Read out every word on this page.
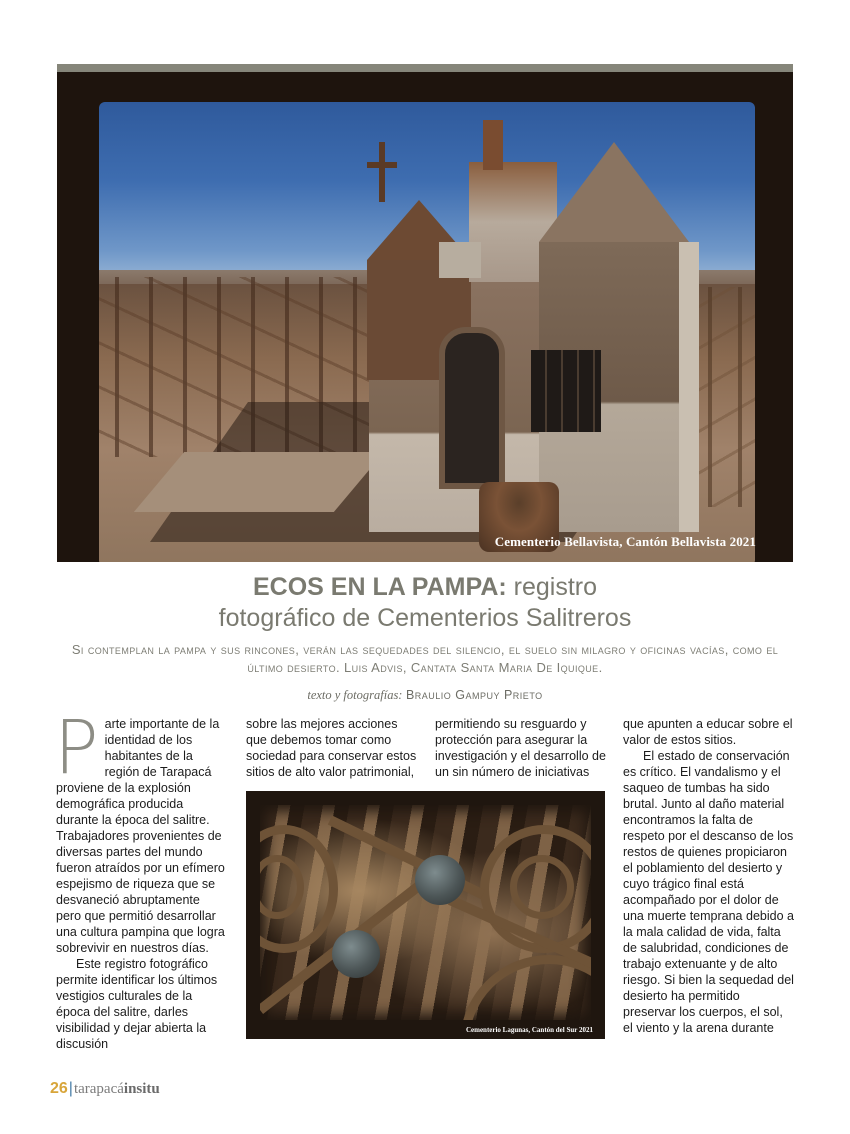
Cementerio Bellavista, Cantón Bellavista 2021
ECOS EN LA PAMPA: registro
fotográfico de Cementerios Salitreros
Si contemplan la pampa y sus rincones, verán las sequedades del silencio, el suelo sin milagro y oficinas vacías, como el último desierto. Luis Advis, Cantata Santa Maria De Iquique.
texto y fotografías: Braulio Gampuy Prieto

Parte importante de la identidad de los habitantes de la región de Tarapacá proviene de la explosión demográfica producida durante la época del salitre. Trabajadores provenientes de diversas partes del mundo fueron atraídos por un efímero espejismo de riqueza que se desvaneció abruptamente pero que permitió desarrollar una cultura pampina que logra sobrevivir en nuestros días.

Este registro fotográfico permite identificar los últimos vestigios culturales de la época del salitre, darles visibilidad y dejar abierta la discusión

sobre las mejores acciones que debemos tomar como sociedad para conservar estos sitios de alto valor patrimonial,

permitiendo su resguardo y protección para asegurar la investigación y el desarrollo de un sin número de iniciativas

que apunten a educar sobre el valor de estos sitios.

El estado de conservación es crítico. El vandalismo y el saqueo de tumbas ha sido brutal. Junto al daño material encontramos la falta de respeto por el descanso de los restos de quienes propiciaron el poblamiento del desierto y cuyo trágico final está acompañado por el dolor de una muerte temprana debido a la mala calidad de vida, falta de salubridad, condiciones de trabajo extenuante y de alto riesgo. Si bien la sequedad del desierto ha permitido preservar los cuerpos, el sol, el viento y la arena durante

Cementerio Lagunas, Cantón del Sur 2021
26|tarapacáinsitu
